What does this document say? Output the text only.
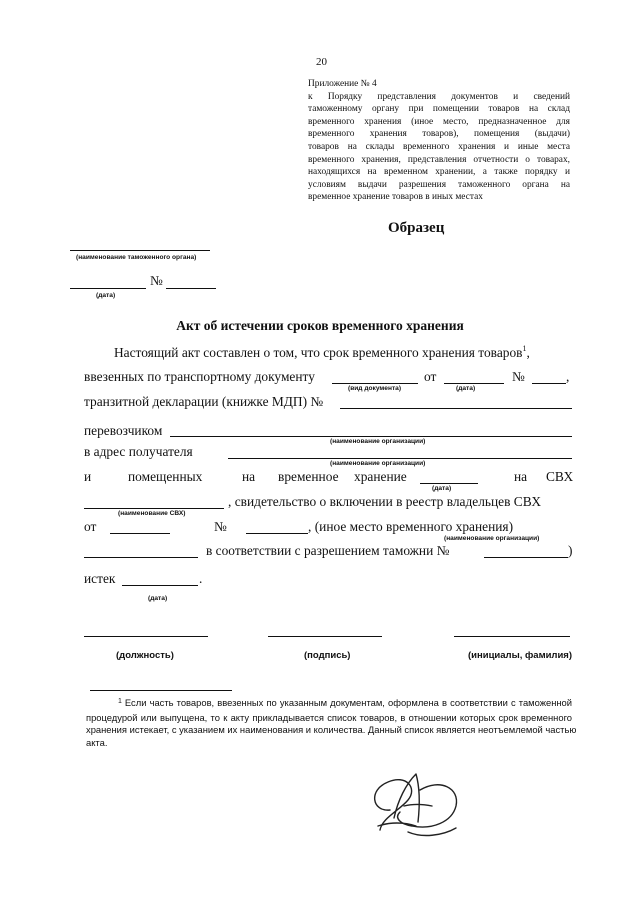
20
Приложение № 4
к Порядку представления документов и сведений
таможенному органу при помещении товаров на склад
временного хранения (иное место, предназначенное для
временного хранения товаров), помещения (выдачи)
товаров на склады временного хранения и иные места
временного хранения, представления отчетности о товарах,
находящихся на временном хранении, а также порядку и
условиям выдачи разрешения таможенного органа на
временное хранение товаров в иных местах
Образец
(наименование таможенного органа)
№
(дата)
Акт об истечении сроков временного хранения
Настоящий акт составлен о том, что срок временного хранения товаров$^1$,
ввезенных по транспортному документу	от	№	,
(вид документа)	(дата)
транзитной декларации (книжке МДП) №
перевозчиком
(наименование организации)
в адрес получателя
(наименование организации)
и	помещенных	на временное хранение	на СВХ
(дата)
, свидетельство о включении в реестр владельцев СВХ
(наименование СВХ)
от	№	, (иное место временного хранения)
(наименование организации)
в соответствии с разрешением таможни №	)
истек	.
(дата)
(должность)	(подпись)	(инициалы, фамилия)
$^1$ Если часть товаров, ввезенных по указанным документам, оформлена в соответствии с таможенной
процедурой или выпущена, то к акту прикладывается список товаров, в отношении которых срок временного
хранения истекает, с указанием их наименования и количества. Данный список является неотъемлемой частью
акта.
